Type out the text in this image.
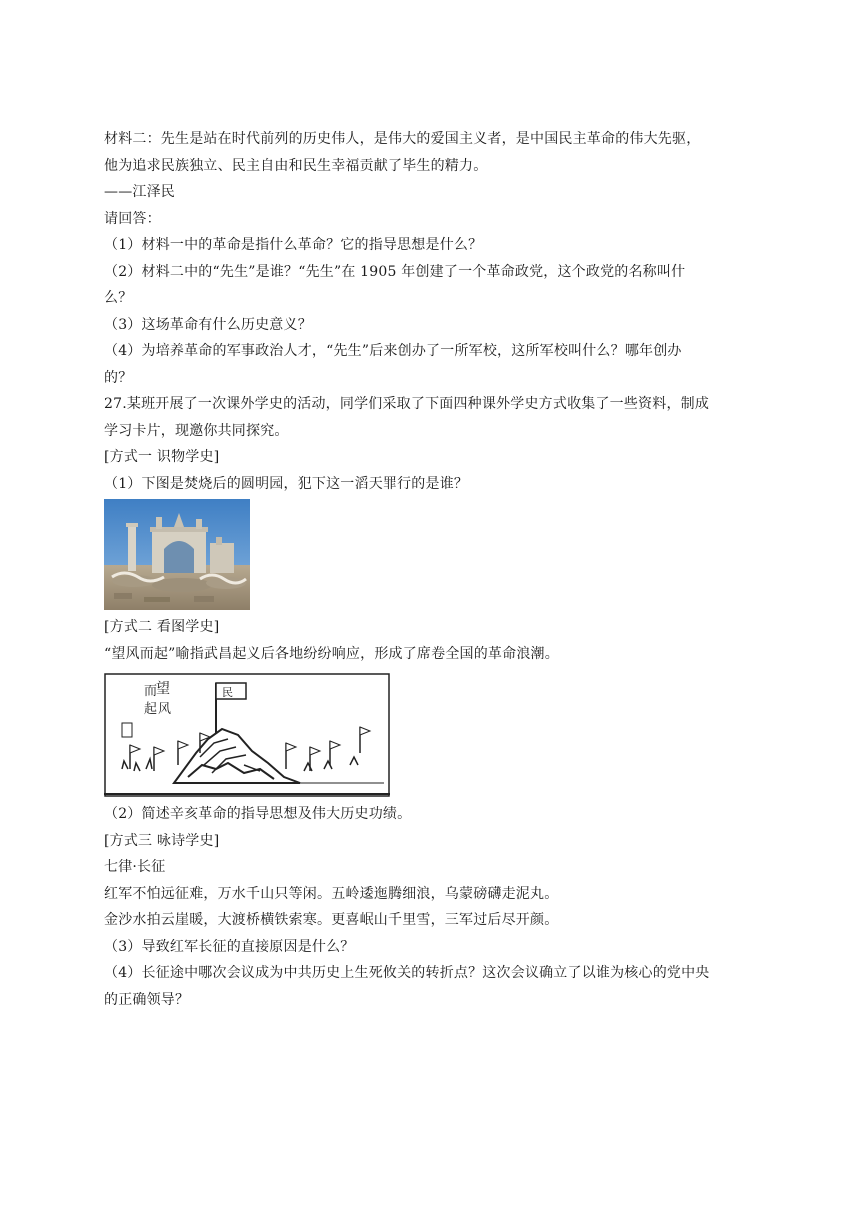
材料二：先生是站在时代前列的历史伟人，是伟大的爱国主义者，是中国民主革命的伟大先驱，
他为追求民族独立、民主自由和民生幸福贡献了毕生的精力。
——江泽民
请回答：
（1）材料一中的革命是指什么革命？它的指导思想是什么？
（2）材料二中的“先生”是谁？“先生”在 1905 年创建了一个革命政党，这个政党的名称叫什
么？
（3）这场革命有什么历史意义？
（4）为培养革命的军事政治人才，“先生”后来创办了一所军校，这所军校叫什么？哪年创办
的？
27.某班开展了一次课外学史的活动，同学们采取了下面四种课外学史方式收集了一些资料，制成
学习卡片，现邀你共同探究。
[方式一 识物学史]
（1）下图是焚烧后的圆明园，犯下这一滔天罪行的是谁？
[方式二 看图学史]
“望风而起”喻指武昌起义后各地纷纷响应，形成了席卷全国的革命浪潮。
望
而
起 风
民
（2）简述辛亥革命的指导思想及伟大历史功绩。
[方式三 咏诗学史]
七律·长征
红军不怕远征难，万水千山只等闲。五岭逶迤腾细浪，乌蒙磅礴走泥丸。
金沙水拍云崖暖，大渡桥横铁索寒。更喜岷山千里雪，三军过后尽开颜。
（3）导致红军长征的直接原因是什么？
（4）长征途中哪次会议成为中共历史上生死攸关的转折点？这次会议确立了以谁为核心的党中央
的正确领导？
